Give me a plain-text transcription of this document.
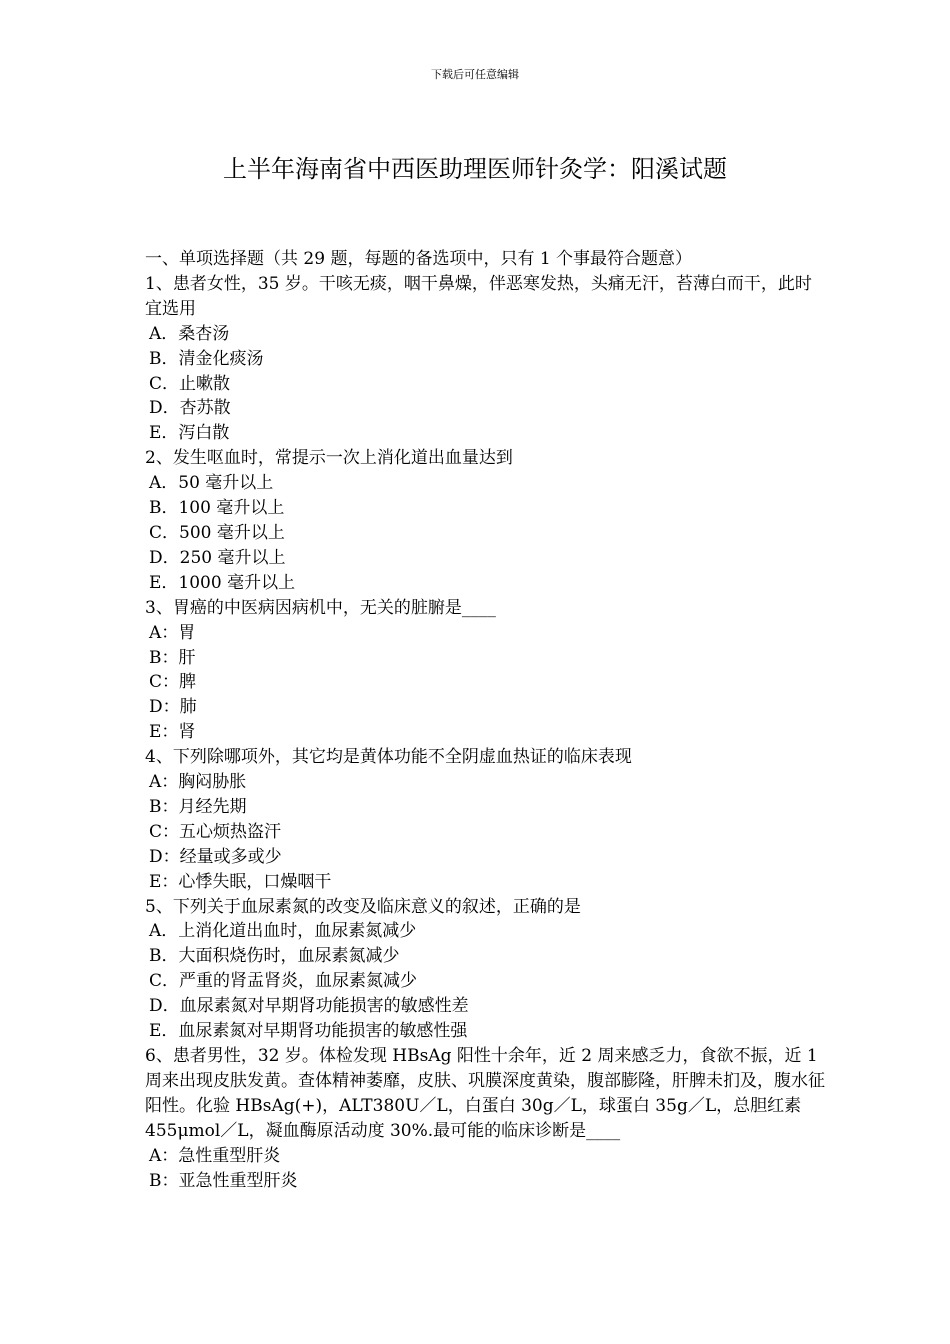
下载后可任意编辑
上半年海南省中西医助理医师针灸学：阳溪试题
一、单项选择题（共 29 题，每题的备选项中，只有 1 个事最符合题意）
1、患者女性，35 岁。干咳无痰，咽干鼻燥，伴恶寒发热，头痛无汗，苔薄白而干，此时宜选用
A．桑杏汤
B．清金化痰汤
C．止嗽散
D．杏苏散
E．泻白散
2、发生呕血时，常提示一次上消化道出血量达到
A．50 毫升以上
B．100 毫升以上
C．500 毫升以上
D．250 毫升以上
E．1000 毫升以上
3、胃癌的中医病因病机中，无关的脏腑是____
A：胃
B：肝
C：脾
D：肺
E：肾
4、下列除哪项外，其它均是黄体功能不全阴虚血热证的临床表现
A：胸闷胁胀
B：月经先期
C：五心烦热盗汗
D：经量或多或少
E：心悸失眠，口燥咽干
5、下列关于血尿素氮的改变及临床意义的叙述，正确的是
A．上消化道出血时，血尿素氮减少
B．大面积烧伤时，血尿素氮减少
C．严重的肾盂肾炎，血尿素氮减少
D．血尿素氮对早期肾功能损害的敏感性差
E．血尿素氮对早期肾功能损害的敏感性强
6、患者男性，32 岁。体检发现 HBsAg 阳性十余年，近 2 周来感乏力，食欲不振，近 1 周来出现皮肤发黄。查体精神萎靡，皮肤、巩膜深度黄染，腹部膨隆，肝脾未扪及，腹水征阳性。化验 HBsAg(+)，ALT380U／L，白蛋白 30g／L，球蛋白 35g／L，总胆红素 455μmol／L，凝血酶原活动度 30%.最可能的临床诊断是____
A：急性重型肝炎
B：亚急性重型肝炎
